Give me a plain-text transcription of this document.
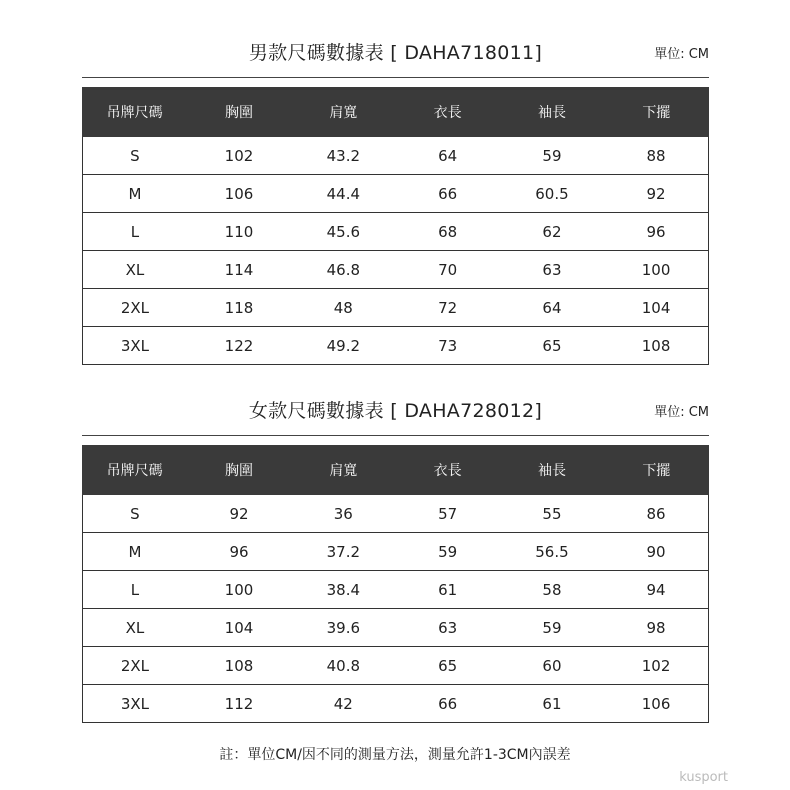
男款尺碼數據表 [ DAHA718011]	單位: CM
吊牌尺碼	胸圍	肩寬	衣長	袖長	下擺
S	102	43.2	64	59	88
M	106	44.4	66	60.5	92
L	110	45.6	68	62	96
XL	114	46.8	70	63	100
2XL	118	48	72	64	104
3XL	122	49.2	73	65	108
女款尺碼數據表 [ DAHA728012]	單位: CM
吊牌尺碼	胸圍	肩寬	衣長	袖長	下擺
S	92	36	57	55	86
M	96	37.2	59	56.5	90
L	100	38.4	61	58	94
XL	104	39.6	63	59	98
2XL	108	40.8	65	60	102
3XL	112	42	66	61	106
註：單位CM/因不同的測量方法，測量允許1-3CM內誤差
kusport
